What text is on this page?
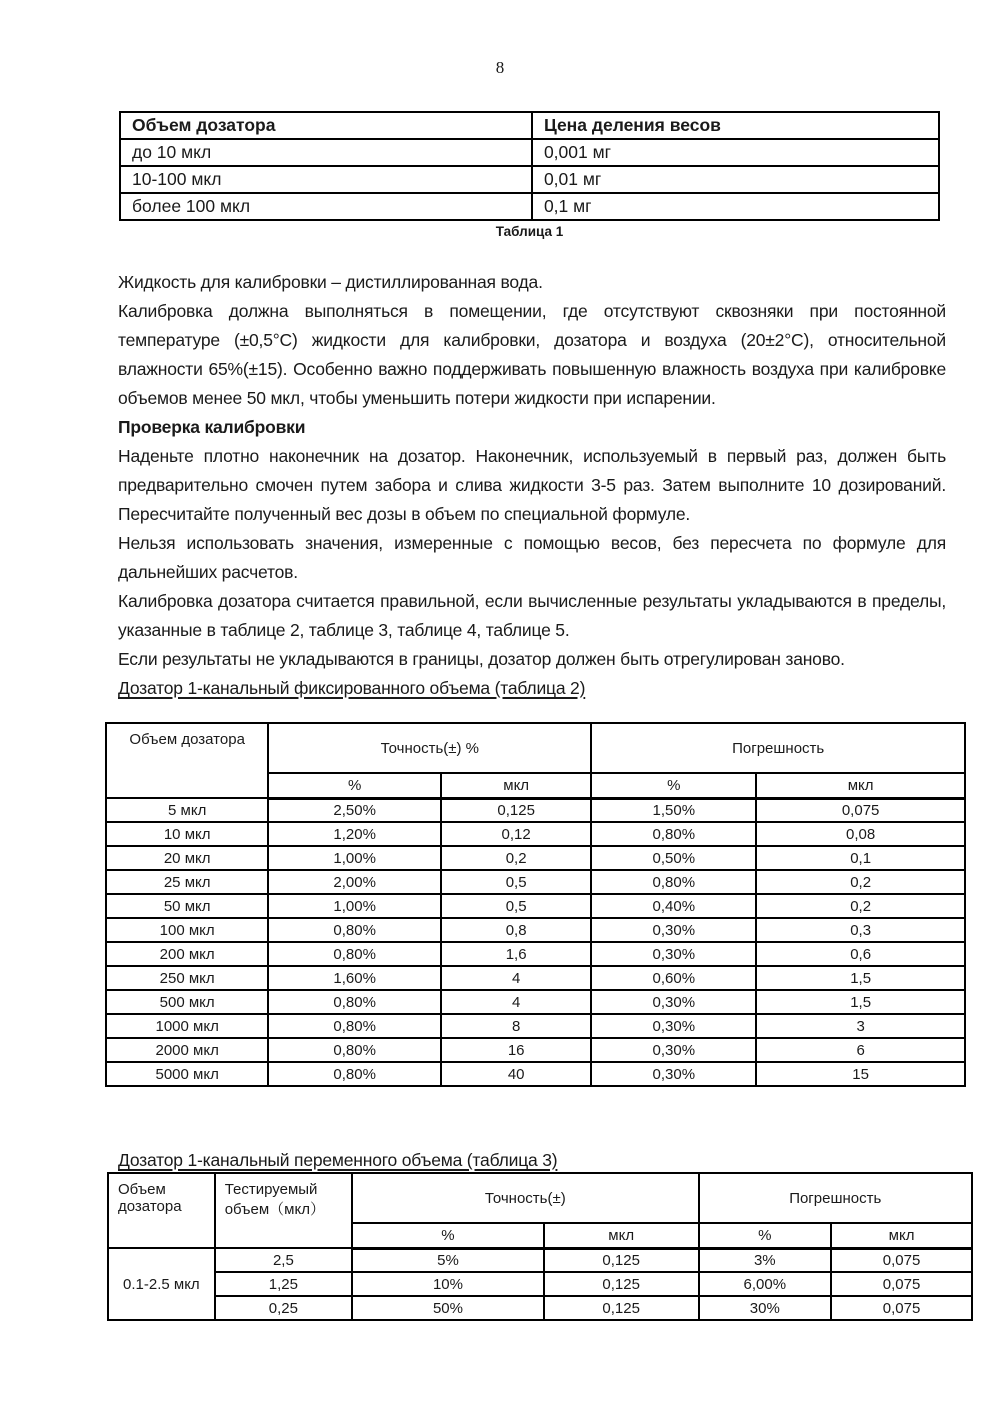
8
Объем дозатора	Цена деления весов
до 10 мкл	0,001 мг
10-100 мкл	0,01 мг
более 100 мкл	0,1 мг
Таблица 1

Жидкость для калибровки – дистиллированная вода.

Калибровка должна выполняться в помещении, где отсутствуют сквозняки при постоянной температуре (±0,5°С) жидкости для калибровки, дозатора и воздуха (20±2°С), относительной влажности 65%(±15). Особенно важно поддерживать повышенную влажность воздуха при калибровке объемов менее 50 мкл, чтобы уменьшить потери жидкости при испарении.

Проверка калибровки

Наденьте плотно наконечник на дозатор. Наконечник, используемый в первый раз, должен быть предварительно смочен путем забора и слива жидкости 3-5 раз. Затем выполните 10 дозирований. Пересчитайте полученный вес дозы в объем по специальной формуле.

Нельзя использовать значения, измеренные с помощью весов, без пересчета по формуле для дальнейших расчетов.

Калибровка дозатора считается правильной, если вычисленные результаты укладываются в пределы, указанные в таблице 2, таблице 3, таблице 4, таблице 5.

Если результаты не укладываются в границы, дозатор должен быть отрегулирован заново.

Дозатор 1-канальный фиксированного объема (таблица 2)

Объем дозатора	Точность(±) %		Погрешность	
	%	мкл	%	мкл
5 мкл	2,50%	0,125	1,50%	0,075
10 мкл	1,20%	0,12	0,80%	0,08
20 мкл	1,00%	0,2	0,50%	0,1
25 мкл	2,00%	0,5	0,80%	0,2
50 мкл	1,00%	0,5	0,40%	0,2
100 мкл	0,80%	0,8	0,30%	0,3
200 мкл	0,80%	1,6	0,30%	0,6
250 мкл	1,60%	4	0,60%	1,5
500 мкл	0,80%	4	0,30%	1,5
1000 мкл	0,80%	8	0,30%	3
2000 мкл	0,80%	16	0,30%	6
5000 мкл	0,80%	40	0,30%	15

Дозатор 1-канальный переменного объема (таблица 3)

Объем дозатора	Тестируемый объем（мкл）	Точность(±)		Погрешность	
		%	мкл	%	мкл
0.1-2.5 мкл	2,5	5%	0,125	3%	0,075
	1,25	10%	0,125	6,00%	0,075
	0,25	50%	0,125	30%	0,075
